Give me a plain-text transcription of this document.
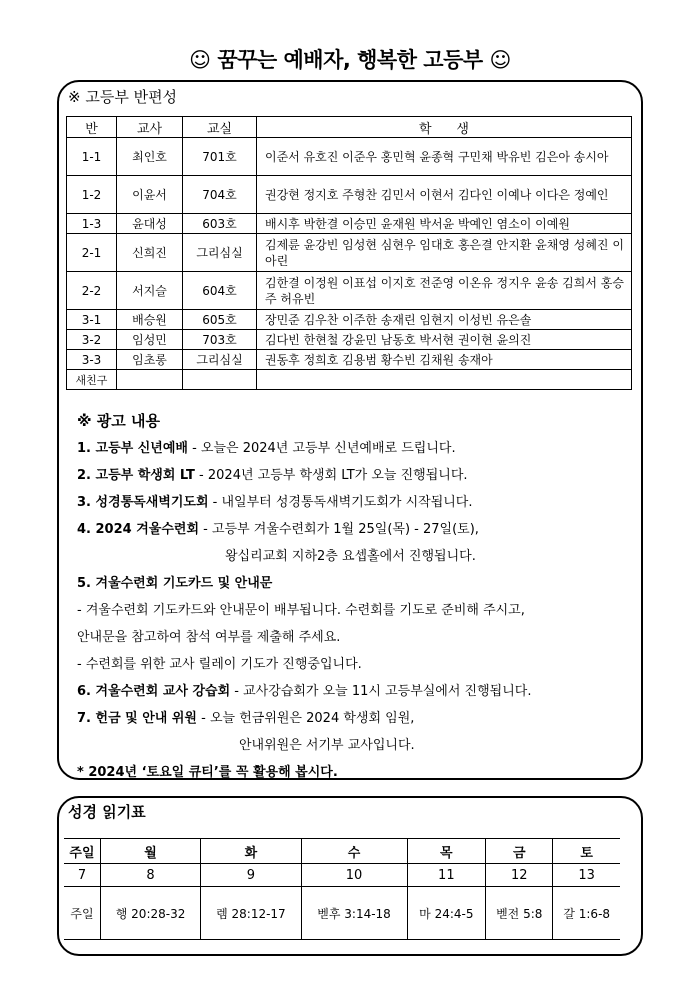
☺ 꿈꾸는 예배자, 행복한 고등부 ☺
※ 고등부 반편성
반	교사	교실	학      생
1-1	최인호	701호	이준서 유호진 이준우 홍민혁 윤종혁 구민채 박유빈 김은아 송시아
1-2	이윤서	704호	권강현 정지호 주형찬 김민서 이현서 김다인 이예나 이다은 정예인
1-3	윤대성	603호	배시후 박한결 이승민 윤재원 박서윤 박예인 염소이 이예원
2-1	신희진	그리심실	김제륜 윤강빈 임성현 심현우 임대호 홍은결 안지환 윤채영 성혜진 이아린
2-2	서지슬	604호	김한결 이정원 이표섭 이지호 전준영 이온유 정지우 윤송 김희서 홍승주 허유빈
3-1	배승원	605호	장민준 김우찬 이주한 송재린 임현지 이성빈 유은솔
3-2	임성민	703호	김다빈 한현철 강윤민 남동호 박서현 권이현 윤의진
3-3	임초롱	그리심실	권동후 정희호 김용범 황수빈 김채원 송재아
새친구			
※ 광고 내용
1. 고등부 신년예배 - 오늘은 2024년 고등부 신년예배로 드립니다.
2. 고등부 학생회 LT - 2024년 고등부 학생회 LT가 오늘 진행됩니다.
3. 성경통독새벽기도회 - 내일부터 성경통독새벽기도회가 시작됩니다.
4. 2024 겨울수련회 - 고등부 겨울수련회가 1월 25일(목) - 27일(토),
왕십리교회 지하2층 요셉홀에서 진행됩니다.
5. 겨울수련회 기도카드 및 안내문
- 겨울수련회 기도카드와 안내문이 배부됩니다. 수련회를 기도로 준비해 주시고,
안내문을 참고하여 참석 여부를 제출해 주세요.
- 수련회를 위한 교사 릴레이 기도가 진행중입니다.
6. 겨울수련회 교사 강습회 - 교사강습회가 오늘 11시 고등부실에서 진행됩니다.
7. 헌금 및 안내 위원 - 오늘 헌금위원은 2024 학생회 임원,
안내위원은 서기부 교사입니다.
* 2024년 ‘토요일 큐티’를 꼭 활용해 봅시다.
성경 읽기표
주일	월	화	수	목	금	토
7	8	9	10	11	12	13
주일	행 20:28-32	렘 28:12-17	벧후 3:14-18	마 24:4-5	벧전 5:8	갈 1:6-8
